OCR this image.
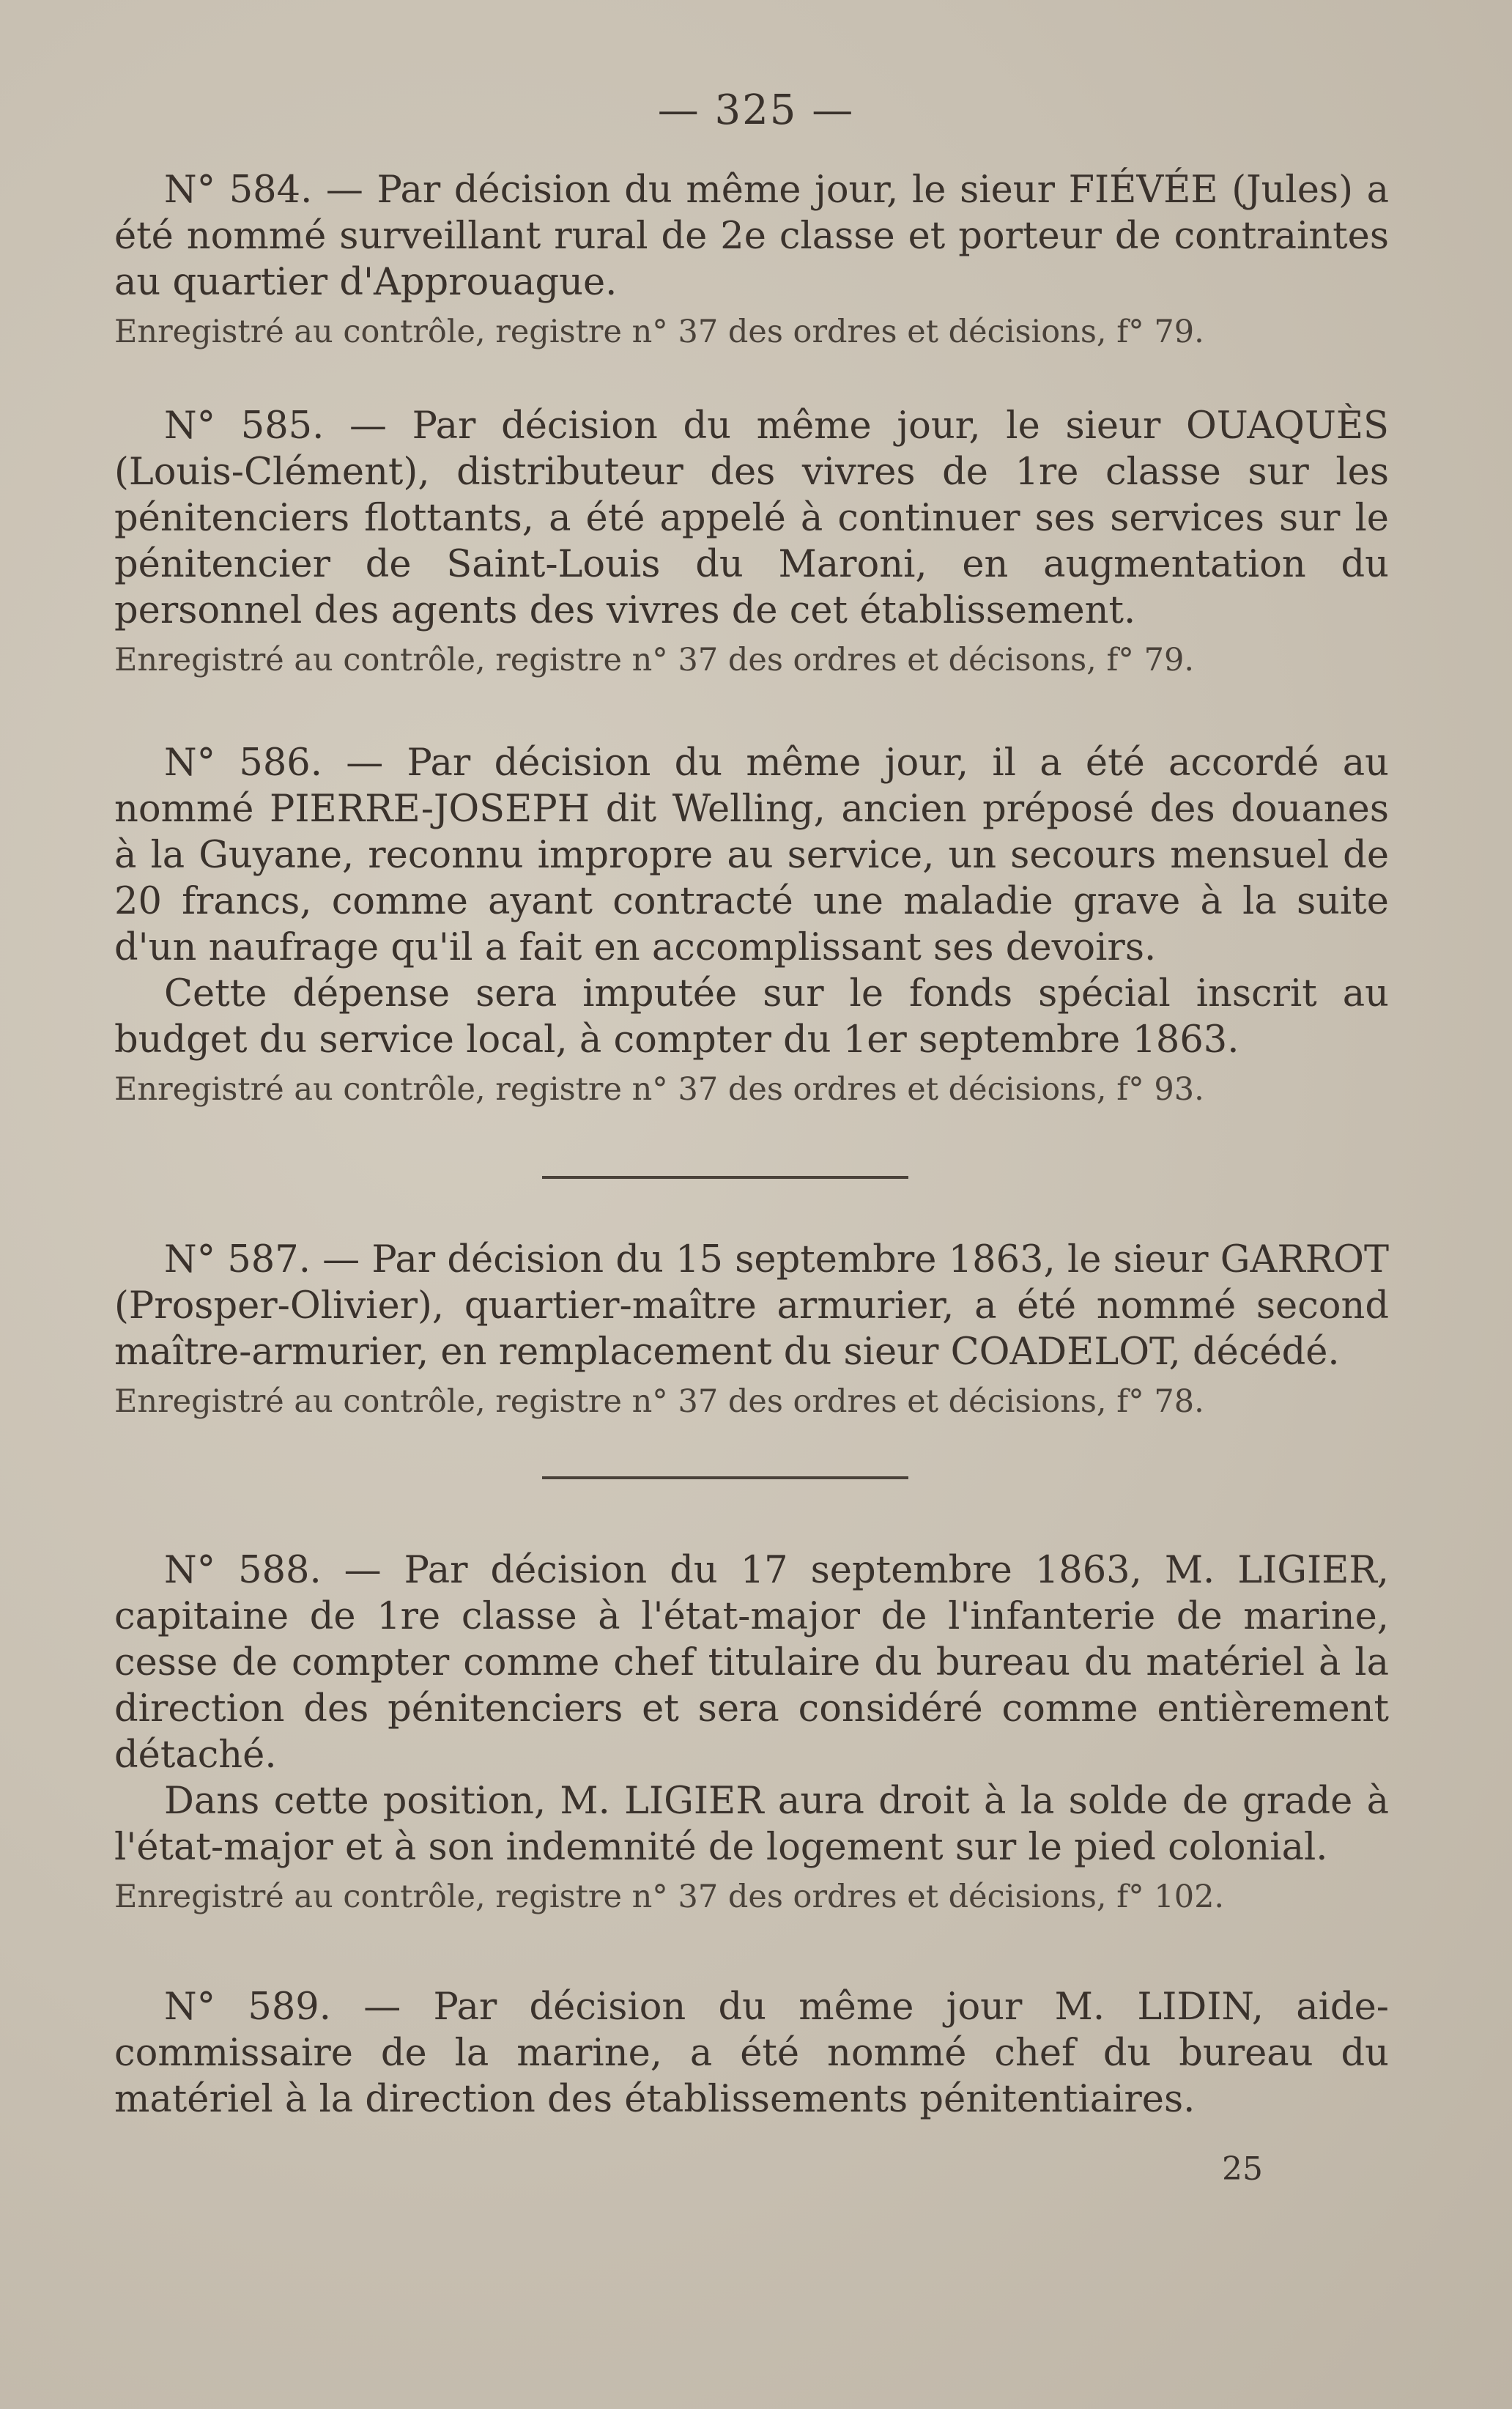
— 325 —

N° 584. — Par décision du même jour, le sieur FIÉVÉE (Jules) a été nommé surveillant rural de 2e classe et porteur de contraintes au quartier d'Approuague.

Enregistré au contrôle, registre n° 37 des ordres et décisions, f° 79.

N° 585. — Par décision du même jour, le sieur OUAQUÈS (Louis-Clément), distributeur des vivres de 1re classe sur les pénitenciers flottants, a été appelé à continuer ses services sur le pénitencier de Saint-Louis du Maroni, en augmentation du personnel des agents des vivres de cet établissement.

Enregistré au contrôle, registre n° 37 des ordres et décisons, f° 79.

N° 586. — Par décision du même jour, il a été accordé au nommé PIERRE-JOSEPH dit Welling, ancien préposé des douanes à la Guyane, reconnu impropre au service, un secours mensuel de 20 francs, comme ayant contracté une maladie grave à la suite d'un naufrage qu'il a fait en accomplissant ses devoirs.

Cette dépense sera imputée sur le fonds spécial inscrit au budget du service local, à compter du 1er septembre 1863.

Enregistré au contrôle, registre n° 37 des ordres et décisions, f° 93.

N° 587. — Par décision du 15 septembre 1863, le sieur GARROT (Prosper-Olivier), quartier-maître armurier, a été nommé second maître-armurier, en remplacement du sieur COADELOT, décédé.

Enregistré au contrôle, registre n° 37 des ordres et décisions, f° 78.

N° 588. — Par décision du 17 septembre 1863, M. LIGIER, capitaine de 1re classe à l'état-major de l'infanterie de marine, cesse de compter comme chef titulaire du bureau du matériel à la direction des pénitenciers et sera considéré comme entièrement détaché.

Dans cette position, M. LIGIER aura droit à la solde de grade à l'état-major et à son indemnité de logement sur le pied colonial.

Enregistré au contrôle, registre n° 37 des ordres et décisions, f° 102.

N° 589. — Par décision du même jour M. LIDIN, aide-commissaire de la marine, a été nommé chef du bureau du matériel à la direction des établissements pénitentiaires.

25
